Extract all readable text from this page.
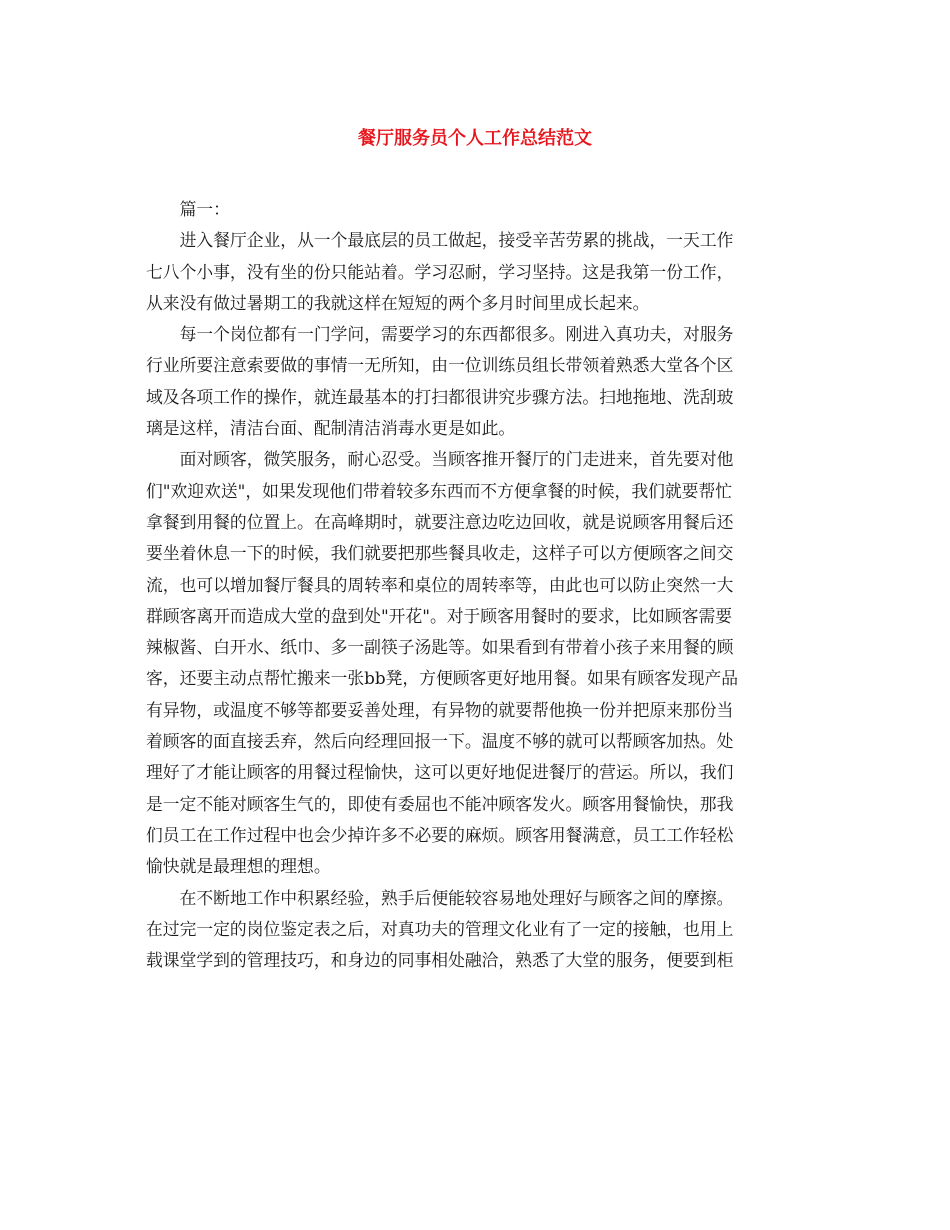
餐厅服务员个人工作总结范文

篇一：

进入餐厅企业，从一个最底层的员工做起，接受辛苦劳累的挑战，一天工作
七八个小事，没有坐的份只能站着。学习忍耐，学习坚持。这是我第一份工作，
从来没有做过暑期工的我就这样在短短的两个多月时间里成长起来。

每一个岗位都有一门学问，需要学习的东西都很多。刚进入真功夫，对服务
行业所要注意索要做的事情一无所知，由一位训练员组长带领着熟悉大堂各个区
域及各项工作的操作，就连最基本的打扫都很讲究步骤方法。扫地拖地、洗刮玻
璃是这样，清洁台面、配制清洁消毒水更是如此。

面对顾客，微笑服务，耐心忍受。当顾客推开餐厅的门走进来，首先要对他
们"欢迎欢送"，如果发现他们带着较多东西而不方便拿餐的时候，我们就要帮忙
拿餐到用餐的位置上。在高峰期时，就要注意边吃边回收，就是说顾客用餐后还
要坐着休息一下的时候，我们就要把那些餐具收走，这样子可以方便顾客之间交
流，也可以增加餐厅餐具的周转率和桌位的周转率等，由此也可以防止突然一大
群顾客离开而造成大堂的盘到处"开花"。对于顾客用餐时的要求，比如顾客需要
辣椒酱、白开水、纸巾、多一副筷子汤匙等。如果看到有带着小孩子来用餐的顾
客，还要主动点帮忙搬来一张bb凳，方便顾客更好地用餐。如果有顾客发现产品
有异物，或温度不够等都要妥善处理，有异物的就要帮他换一份并把原来那份当
着顾客的面直接丢弃，然后向经理回报一下。温度不够的就可以帮顾客加热。处
理好了才能让顾客的用餐过程愉快，这可以更好地促进餐厅的营运。所以，我们
是一定不能对顾客生气的，即使有委屈也不能冲顾客发火。顾客用餐愉快，那我
们员工在工作过程中也会少掉许多不必要的麻烦。顾客用餐满意，员工工作轻松
愉快就是最理想的理想。

在不断地工作中积累经验，熟手后便能较容易地处理好与顾客之间的摩擦。
在过完一定的岗位鉴定表之后，对真功夫的管理文化业有了一定的接触，也用上
载课堂学到的管理技巧，和身边的同事相处融洽，熟悉了大堂的服务，便要到柜
